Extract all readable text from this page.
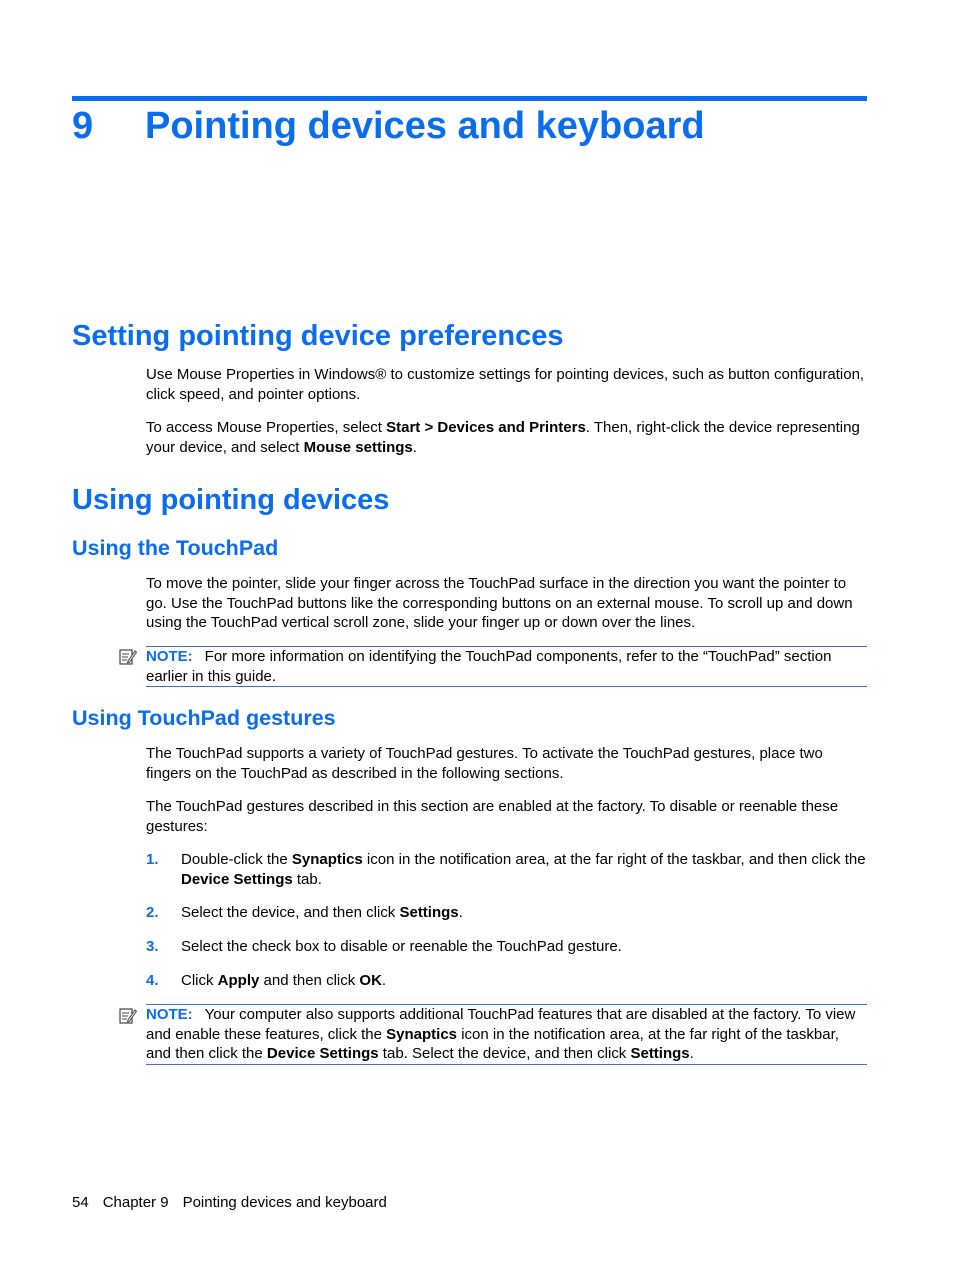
9 Pointing devices and keyboard
Setting pointing device preferences
Use Mouse Properties in Windows® to customize settings for pointing devices, such as button configuration, click speed, and pointer options.
To access Mouse Properties, select Start > Devices and Printers. Then, right-click the device representing your device, and select Mouse settings.
Using pointing devices
Using the TouchPad
To move the pointer, slide your finger across the TouchPad surface in the direction you want the pointer to go. Use the TouchPad buttons like the corresponding buttons on an external mouse. To scroll up and down using the TouchPad vertical scroll zone, slide your finger up or down over the lines.
NOTE: For more information on identifying the TouchPad components, refer to the “TouchPad” section earlier in this guide.
Using TouchPad gestures
The TouchPad supports a variety of TouchPad gestures. To activate the TouchPad gestures, place two fingers on the TouchPad as described in the following sections.
The TouchPad gestures described in this section are enabled at the factory. To disable or reenable these gestures:
1. Double-click the Synaptics icon in the notification area, at the far right of the taskbar, and then click the Device Settings tab.
2. Select the device, and then click Settings.
3. Select the check box to disable or reenable the TouchPad gesture.
4. Click Apply and then click OK.
NOTE: Your computer also supports additional TouchPad features that are disabled at the factory. To view and enable these features, click the Synaptics icon in the notification area, at the far right of the taskbar, and then click the Device Settings tab. Select the device, and then click Settings.
54 Chapter 9 Pointing devices and keyboard
